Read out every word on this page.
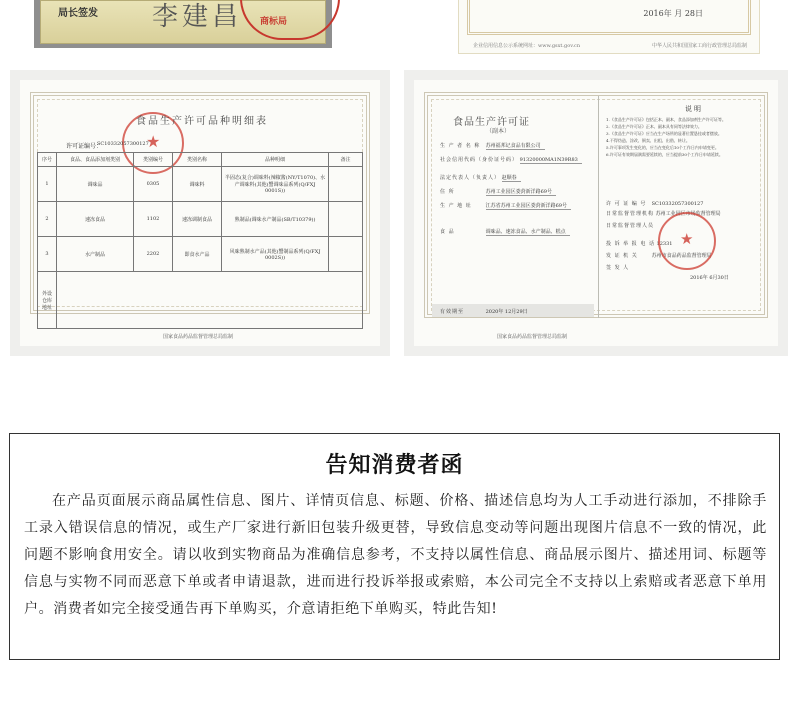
局长签发 李建昌 商标局
2016年 月 28日
企业信用信息公示系统网址：www.gsxt.gov.cn	中华人民共和国国家工商行政管理总局监制
★
食品生产许可品种明细表
许可证编号：
SC10332057300127
序号	食品、食品添加剂类别	类别编号	类别名称	品种明细	备注
1	调味品	0305	调味料	半固态(复合)调味料(辣椒酱(NY/T1070)、水产调味料(其他(蟹调味品系列(Q/FXJ 0001S))	
2	速冻食品	1102	速冻调制食品	熟制品(调味水产制品(SB/T10379))	
3	水产制品	2202	即食水产品	风味熟制水产品(其他(蟹制品系列(Q/FXJ 0002S))	
外设仓库地址					
国家食品药品监督管理总局监制
食品生产许可证
（副本）
生 产 者 名 称 苏州福邦记食品有限公司
社会信用代码（身份证号码） 91320000MA1N39R83
法定代表人（负责人） 赵顺春
住 所	苏州工业园区娄葑新洋路69号
生 产 地 址	江苏省苏州工业园区娄葑新洋路69号
食 品	调味品、速冻食品、水产制品、糕点
有效期至	2020年 12月29日
说明

1.《食品生产许可证》包括正本、副本，食品添加剂生产许可证等。

2.《食品生产许可证》正本、副本具有同等法律效力。

3.《食品生产许可证》应当在生产场所的显著位置悬挂或者摆放。

4.不得伪造、涂改、倒卖、出租、出借、转让。

5.许可事项发生变化的，应当在变化后10个工作日内申请变更。

6.许可证有效期届满需要延续的，应当提前30个工作日申请延续。

许 可 证 编 号 SC10332057300127
日常监督管理机构 苏州工业园区市场监督管理局
日常监督管理人员
投 诉 举 报 电 话 12331
发 证 机 关	苏州市食品药品监督管理局
签 发 人
★
2016年 6月30日
国家食品药品监督管理总局监制
告知消费者函
在产品页面展示商品属性信息、图片、详情页信息、标题、价格、描述信息均为人工手动进行添加，不排除手工录入错误信息的情况，或生产厂家进行新旧包装升级更替，导致信息变动等问题出现图片信息不一致的情况，此问题不影响食用安全。请以收到实物商品为准确信息参考，不支持以属性信息、商品展示图片、描述用词、标题等信息与实物不同而恶意下单或者申请退款，进而进行投诉举报或索赔，本公司完全不支持以上索赔或者恶意下单用户。消费者如完全接受通告再下单购买，介意请拒绝下单购买，特此告知!
